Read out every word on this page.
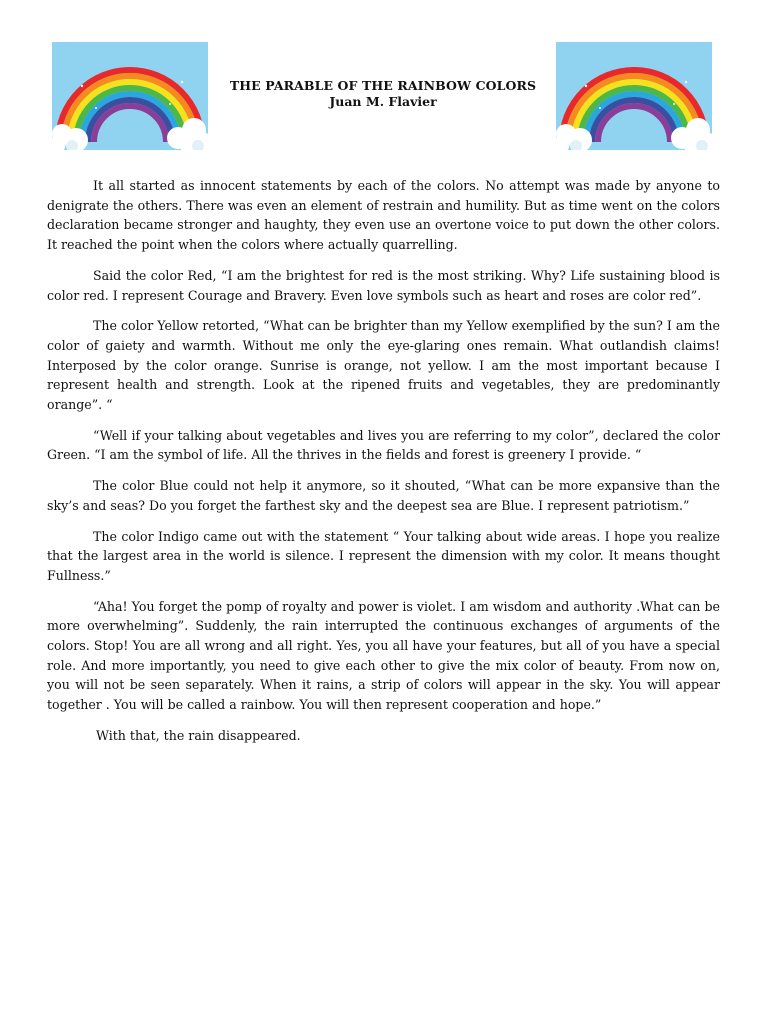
THE PARABLE OF THE RAINBOW COLORS
Juan M. Flavier

It all started as innocent statements by each of the colors. No attempt was made by anyone to denigrate the others. There was even an element of restrain and humility. But as time went on the colors declaration became stronger and haughty, they even use an overtone voice to put down the other colors. It reached the point when the colors where actually quarrelling.

Said the color Red, “I am the brightest for red is the most striking. Why? Life sustaining blood is color red. I represent Courage and Bravery. Even love symbols such as heart and roses are color red”.

The color Yellow retorted, “What can be brighter than my Yellow exemplified by the sun? I am the color of gaiety and warmth. Without me only the eye-glaring ones remain. What outlandish claims! Interposed by the color orange. Sunrise is orange, not yellow. I am the most important because I represent health and strength. Look at the ripened fruits and vegetables, they are predominantly orange”. “

“Well if your talking about vegetables and lives you are referring to my color”, declared the color Green. “I am the symbol of life. All the thrives in the fields and forest is greenery I provide. “

The color Blue could not help it anymore, so it shouted, “What can be more expansive than the sky’s and seas? Do you forget the farthest sky and the deepest sea are Blue. I represent patriotism.”

The color Indigo came out with the statement “ Your talking about wide areas. I hope you realize that the largest area in the world is silence. I represent the dimension with my color. It means thought Fullness.”

“Aha! You forget the pomp of royalty and power is violet. I am wisdom and authority .What can be more overwhelming”. Suddenly, the rain interrupted the continuous exchanges of arguments of the colors. Stop! You are all wrong and all right. Yes, you all have your features, but all of you have a special role. And more importantly, you need to give each other to give the mix color of beauty. From now on, you will not be seen separately. When it rains, a strip of colors will appear in the sky. You will appear together . You will be called a rainbow. You will then represent cooperation and hope.”

With that, the rain disappeared.
